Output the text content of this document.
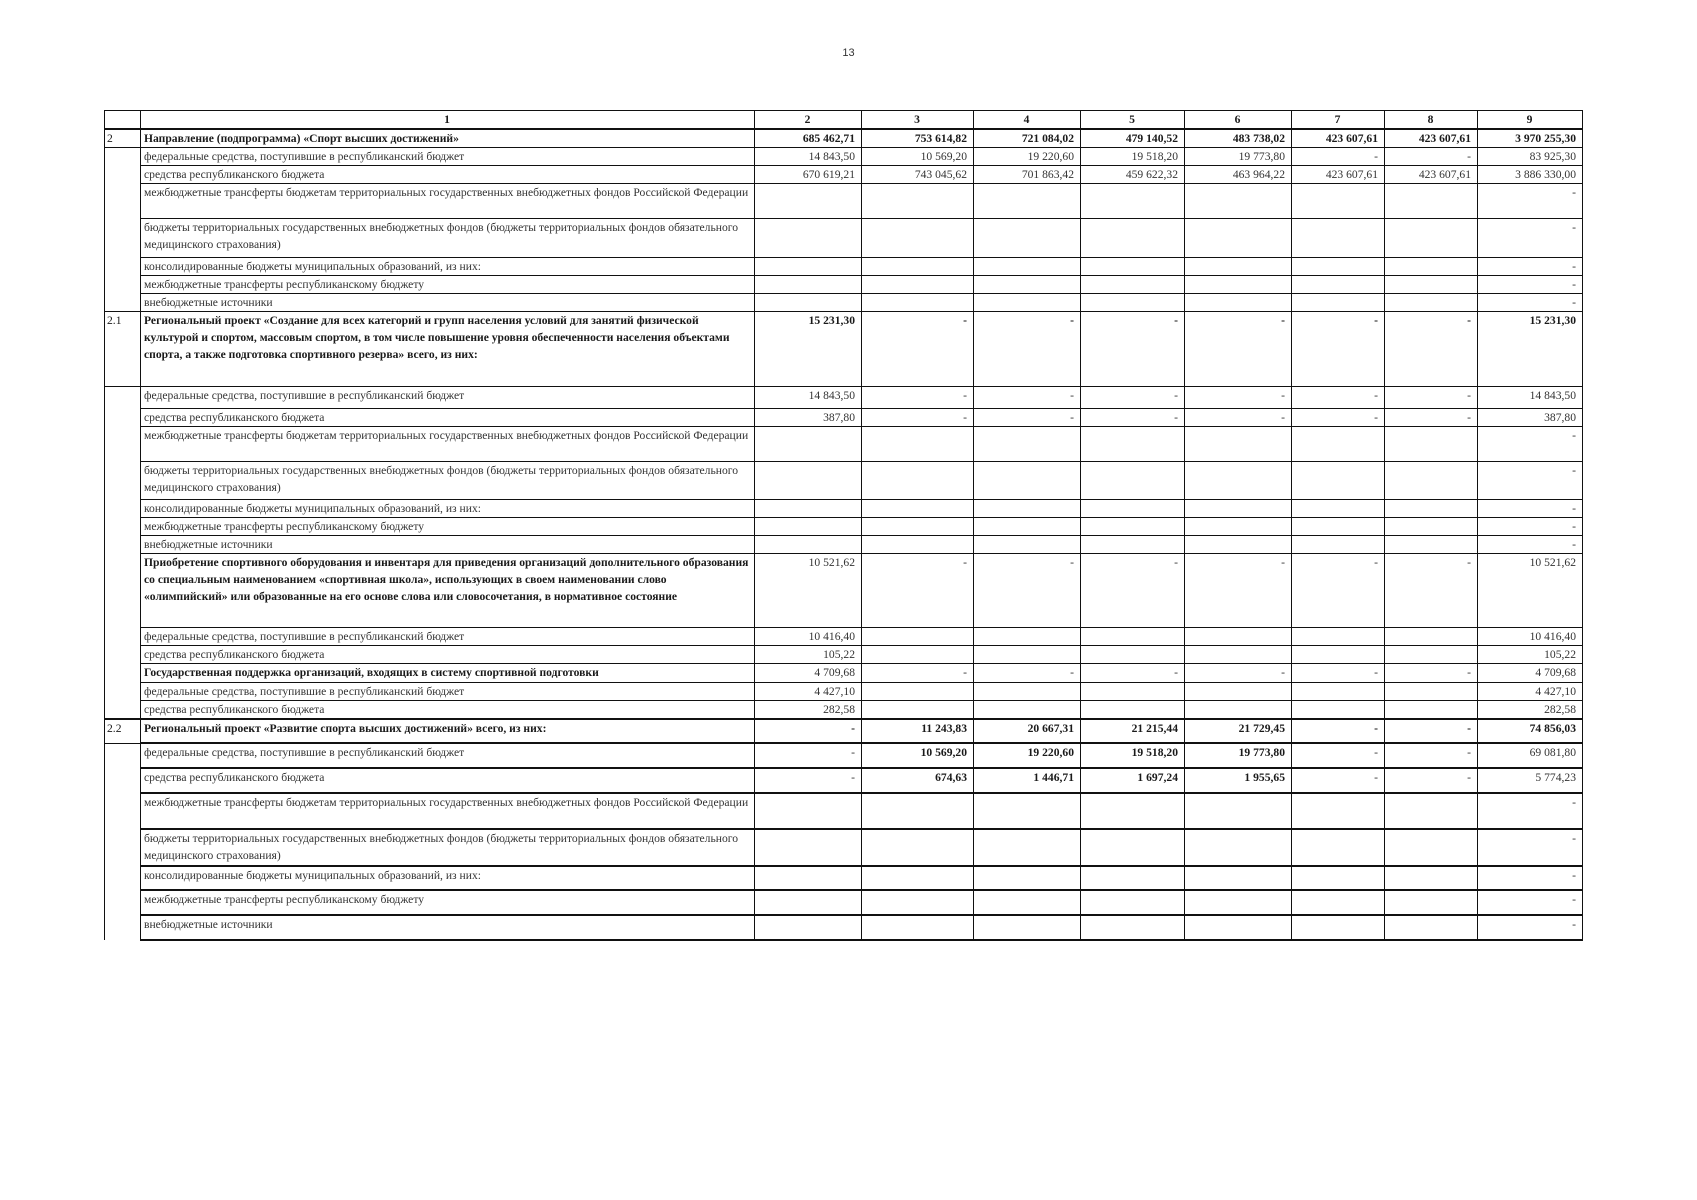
13
	1	2	3	4	5	6	7	8	9
2	Направление (подпрограмма) «Спорт высших достижений»	685 462,71	753 614,82	721 084,02	479 140,52	483 738,02	423 607,61	423 607,61	3 970 255,30
	федеральные средства, поступившие в республиканский бюджет	14 843,50	10 569,20	19 220,60	19 518,20	19 773,80	-	-	83 925,30
	средства республиканского бюджета	670 619,21	743 045,62	701 863,42	459 622,32	463 964,22	423 607,61	423 607,61	3 886 330,00
	межбюджетные трансферты бюджетам территориальных государственных внебюджетных фондов Российской Федерации								-
	бюджеты территориальных государственных внебюджетных фондов (бюджеты территориальных фондов обязательного медицинского страхования)								-
	консолидированные бюджеты муниципальных образований, из них:								-
	межбюджетные трансферты республиканскому бюджету								-
	внебюджетные источники								-
2.1	Региональный проект «Создание для всех категорий и групп населения условий для занятий физической культурой и спортом, массовым спортом, в том числе повышение уровня обеспеченности населения объектами спорта, а также подготовка спортивного резерва» всего, из них:	15 231,30	-	-	-	-	-	-	15 231,30
	федеральные средства, поступившие в республиканский бюджет	14 843,50	-	-	-	-	-	-	14 843,50
	средства республиканского бюджета	387,80	-	-	-	-	-	-	387,80
	межбюджетные трансферты бюджетам территориальных государственных внебюджетных фондов Российской Федерации								-
	бюджеты территориальных государственных внебюджетных фондов (бюджеты территориальных фондов обязательного медицинского страхования)								-
	консолидированные бюджеты муниципальных образований, из них:								-
	межбюджетные трансферты республиканскому бюджету								-
	внебюджетные источники								-
	Приобретение спортивного оборудования и инвентаря для приведения организаций дополнительного образования со специальным наименованием «спортивная школа», использующих в своем наименовании слово «олимпийский» или образованные на его основе слова или словосочетания, в нормативное состояние	10 521,62	-	-	-	-	-	-	10 521,62
	федеральные средства, поступившие в республиканский бюджет	10 416,40							10 416,40
	средства республиканского бюджета	105,22							105,22
	Государственная поддержка организаций, входящих в систему спортивной подготовки	4 709,68	-	-	-	-	-	-	4 709,68
	федеральные средства, поступившие в республиканский бюджет	4 427,10							4 427,10
	средства республиканского бюджета	282,58							282,58
2.2	Региональный проект «Развитие спорта высших достижений» всего, из них:	-	11 243,83	20 667,31	21 215,44	21 729,45	-	-	74 856,03
	федеральные средства, поступившие в республиканский бюджет	-	10 569,20	19 220,60	19 518,20	19 773,80	-	-	69 081,80
	средства республиканского бюджета	-	674,63	1 446,71	1 697,24	1 955,65	-	-	5 774,23
	межбюджетные трансферты бюджетам территориальных государственных внебюджетных фондов Российской Федерации								-
	бюджеты территориальных государственных внебюджетных фондов (бюджеты территориальных фондов обязательного медицинского страхования)								-
	консолидированные бюджеты муниципальных образований, из них:								-
	межбюджетные трансферты республиканскому бюджету								-
	внебюджетные источники								-
